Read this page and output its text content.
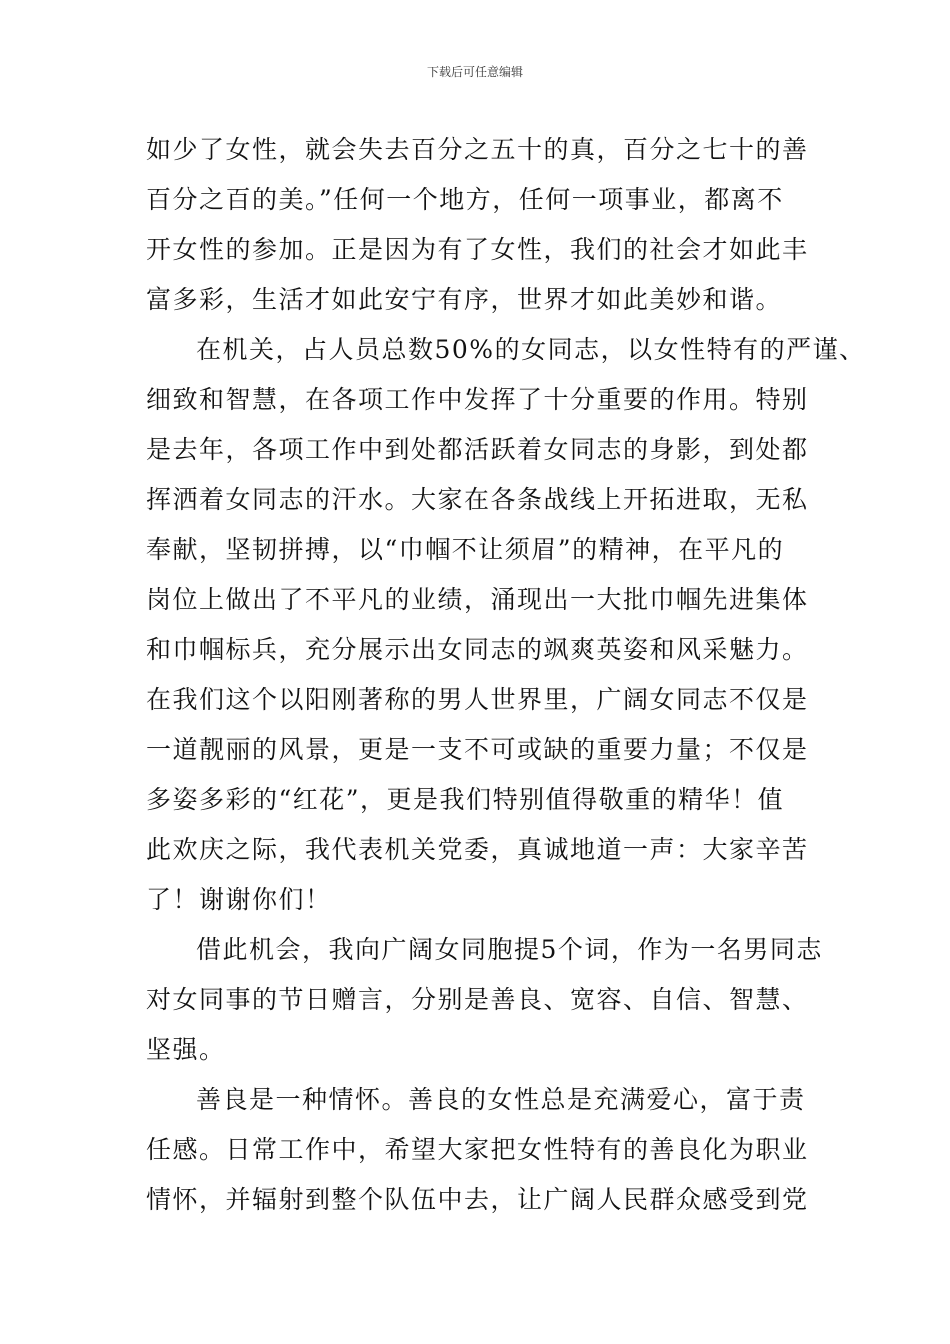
下载后可任意编辑
如少了女性，就会失去百分之五十的真，百分之七十的善
百分之百的美。”任何一个地方，任何一项事业，都离不
开女性的参加。正是因为有了女性，我们的社会才如此丰
富多彩，生活才如此安宁有序，世界才如此美妙和谐。
在机关，占人员总数50%的女同志，以女性特有的严谨、
细致和智慧，在各项工作中发挥了十分重要的作用。特别
是去年，各项工作中到处都活跃着女同志的身影，到处都
挥洒着女同志的汗水。大家在各条战线上开拓进取，无私
奉献，坚韧拼搏，以“巾帼不让须眉”的精神，在平凡的
岗位上做出了不平凡的业绩，涌现出一大批巾帼先进集体
和巾帼标兵，充分展示出女同志的飒爽英姿和风采魅力。
在我们这个以阳刚著称的男人世界里，广阔女同志不仅是
一道靓丽的风景，更是一支不可或缺的重要力量；不仅是
多姿多彩的“红花”，更是我们特别值得敬重的精华！值
此欢庆之际，我代表机关党委，真诚地道一声：大家辛苦
了！谢谢你们！
借此机会，我向广阔女同胞提5个词，作为一名男同志
对女同事的节日赠言，分别是善良、宽容、自信、智慧、
坚强。
善良是一种情怀。善良的女性总是充满爱心，富于责
任感。日常工作中，希望大家把女性特有的善良化为职业
情怀，并辐射到整个队伍中去，让广阔人民群众感受到党
